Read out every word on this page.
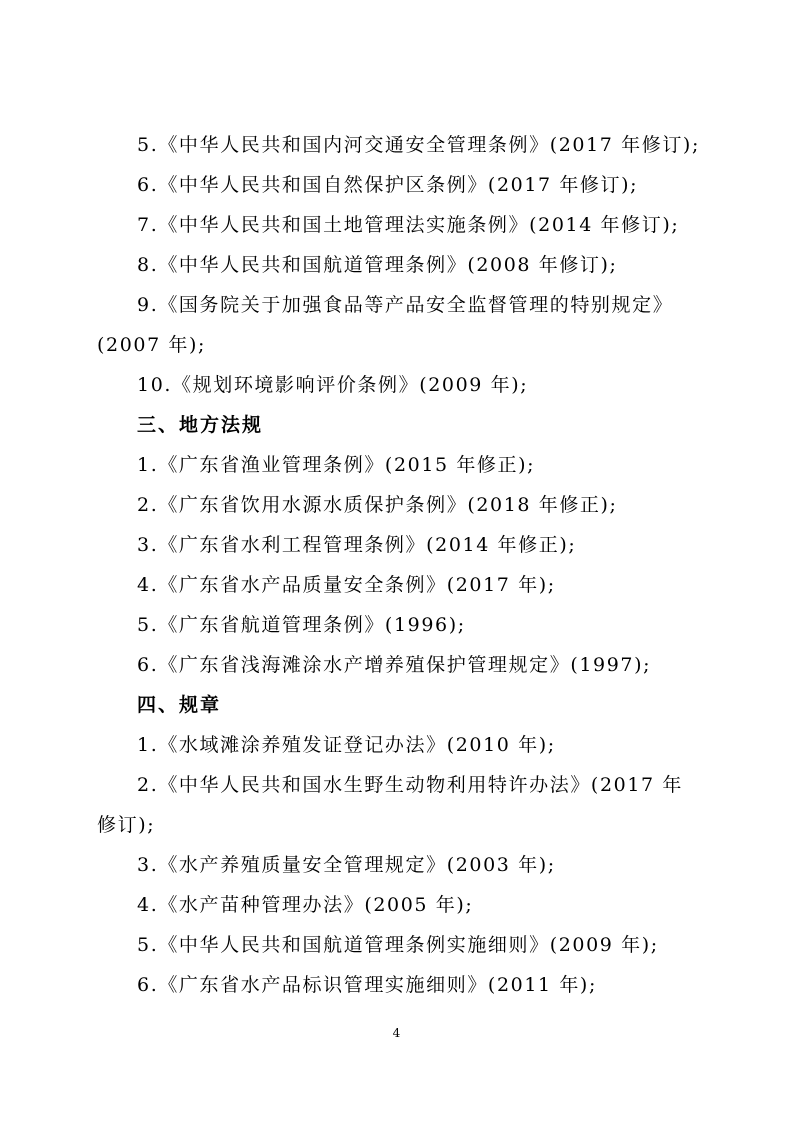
5.《中华人民共和国内河交通安全管理条例》(2017 年修订);
6.《中华人民共和国自然保护区条例》(2017 年修订);
7.《中华人民共和国土地管理法实施条例》(2014 年修订);
8.《中华人民共和国航道管理条例》(2008 年修订);
9.《国务院关于加强食品等产品安全监督管理的特别规定》
(2007 年);
10.《规划环境影响评价条例》(2009 年);
三、地方法规
1.《广东省渔业管理条例》(2015 年修正);
2.《广东省饮用水源水质保护条例》(2018 年修正);
3.《广东省水利工程管理条例》(2014 年修正);
4.《广东省水产品质量安全条例》(2017 年);
5.《广东省航道管理条例》(1996);
6.《广东省浅海滩涂水产增养殖保护管理规定》(1997);
四、规章
1.《水域滩涂养殖发证登记办法》(2010 年);
2.《中华人民共和国水生野生动物利用特许办法》(2017 年
修订);
3.《水产养殖质量安全管理规定》(2003 年);
4.《水产苗种管理办法》(2005 年);
5.《中华人民共和国航道管理条例实施细则》(2009 年);
6.《广东省水产品标识管理实施细则》(2011 年);
4
